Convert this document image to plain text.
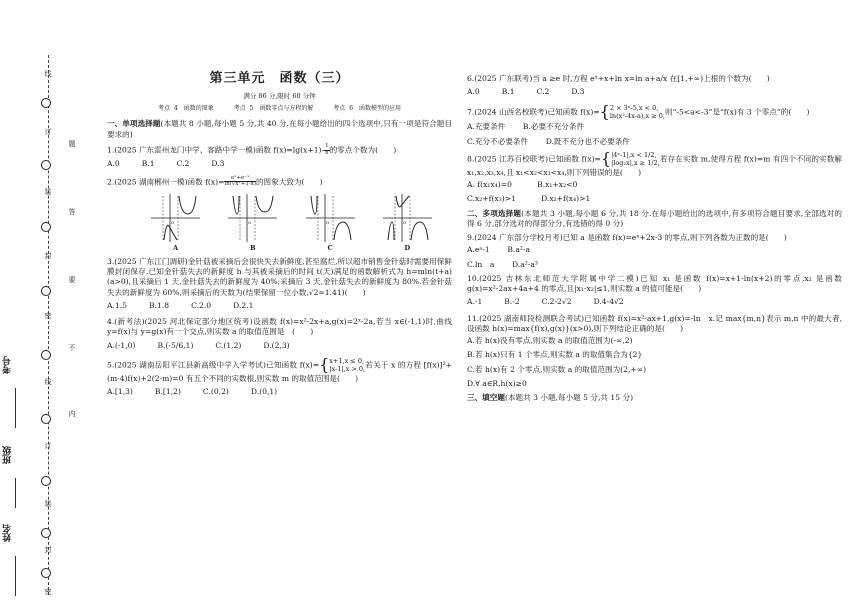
线
订
题
装
答
封
要
密
不
线
内
订
装
封
密
考号
班级
姓名
第三单元　函数（三）
满分 86 分,限时 60 分钟
考点 4　函数的图象	考点 5　函数零点与方程的解	考点 6　函数模型的应用
一、单项选择题(本题共 8 小题,每小题 5 分,共 40 分.在每小题给出的四个选项中,只有一项是符合题目要求的)
1.(2025 广东雷州龙门中学、客路中学一模)函数 $f(x)=\lg(x+1)- \frac{1}{x}$ 的零点个数为(　　)
A.0	B.1	C.2	D.3
2.(2025 湖南郴州一模)函数 $f(x)= \frac{\text{eˣ+e⁻ˣ}}{\text{ln(√x²+1-x)}}$ 的图象大致为(　　)
O
A
O
B
O
C
O
D
3.(2025 广东江门调研)金针菇被采摘后会很快失去新鲜度,甚至腐烂,所以超市销售金针菇时需要用保鲜膜封闭保存.已知金针菇失去的新鲜度 h 与其被采摘后的时间 t(天)满足的函数解析式为 h=mln(t+a)(a>0),且采摘后 1 天,金针菇失去的新鲜度为 40%;采摘后 3 天,金针菇失去的新鲜度为 80%.若金针菇失去的新鲜度为 60%,则采摘后的天数为(结果保留一位小数,√2≈1.41)(　　)
A.1.5	B.1.8	C.2.0	D.2.1
4.(新考法)(2025 河北保定部分地区统考)设函数 f(x)=x²-2x+a,g(x)=2ˣ-2a,若当 x∈(-1,1)时,曲线 y=f(x)与 y=g(x)有一个交点,则实数 a 的取值范围是　(　　)
A.(-1,0)	B.(-5/6,1)	C.(1,2)	D.(2,3)
5.(2025 湖南岳阳平江县新高级中学入学考试)已知函数 f(x)={ x+1,x ≤ 0,
|x-1|,x > 0, 若关于 x 的方程 [f(x)]²+(m-4)f(x)+2(2-m)=0 有五个不同的实数根,则实数 m 的取值范围是(　　)
A.[1,3)	B.[1,2)	C.(0,2)	D.(0,1)
6.(2025 广东联考)当 a ≥e 时,方程 eˣ+x+ln x=ln a+a/x 在[1,+∞)上根的个数为(　　)
A.0	B.1	C.2	D.3
7.(2024 山西名校联考)已知函数 f(x)={ 2 × 3ˣ-5,x < 0,
ln(x²-4x-a),x ≥ 0, 则“-5<a<-3”是“f(x)有 3 个零点”的(　　)
A.充要条件　　 B.必要不充分条件
C.充分不必要条件　　 D.既不充分也不必要条件
8.(2025 江苏百校联考)已知函数 f(x)={ |4ˣ-1|,x < 1/2,
|log₂x|,x ≥ 1/2, 若存在实数 m,使得方程 f(x)=m 有四个不同的实数解 x₁,x₂,x₃,x₄,且 x₁<x₂<x₃<x₄,则下列错误的是(　　)
A. f(x₁x₄)=0　　　	B.x₁+x₂<0
C.x₂+f(x₃)>1　　　	D.x₂+f(x₄)>1
二、多项选择题(本题共 3 小题,每小题 6 分,共 18 分.在每小题给出的选项中,有多项符合题目要求,全部选对的得 6 分,部分选对的得部分分,有选错的得 0 分)
9.(2024 广东部分学校月考)已知 a 是函数 f(x)=eˣ+2x-3 的零点,则下列各数为正数的是(　　)
A.eᵃ-1　　 B.a²-a
C.ln　a　　 D.a²-a³
10.(2025 吉林东北师范大学附属中学二模)已知 x₁ 是函数 f(x)=x+1-ln(x+2)的零点,x₂ 是函数 g(x)=x²-2ax+4a+4 的零点,且|x₁-x₂|≤1,则实数 a 的值可能是(　　)
A.-1	B.-2	C.2-2√2	D.4-4√2
11.(2025 湖南师段检测联合考试)已知函数 f(x)=x²-ax+1,g(x)=-ln　x.记 max{m,n}表示 m,n 中的最大者,设函数 h(x)=max{f(x),g(x)}(x>0),则下列结论正确的是(　　)
A.若 h(x)没有零点,则实数 a 的取值范围为(-∞,2)
B.若 h(x)只有 1 个零点,则实数 a 的取值集合为{2}
C.若 h(x)有 2 个零点,则实数 a 的取值范围为(2,+∞)
D.∀ a∈R,h(x)≥0
三、填空题(本题共 3 小题,每小题 5 分,共 15 分)
